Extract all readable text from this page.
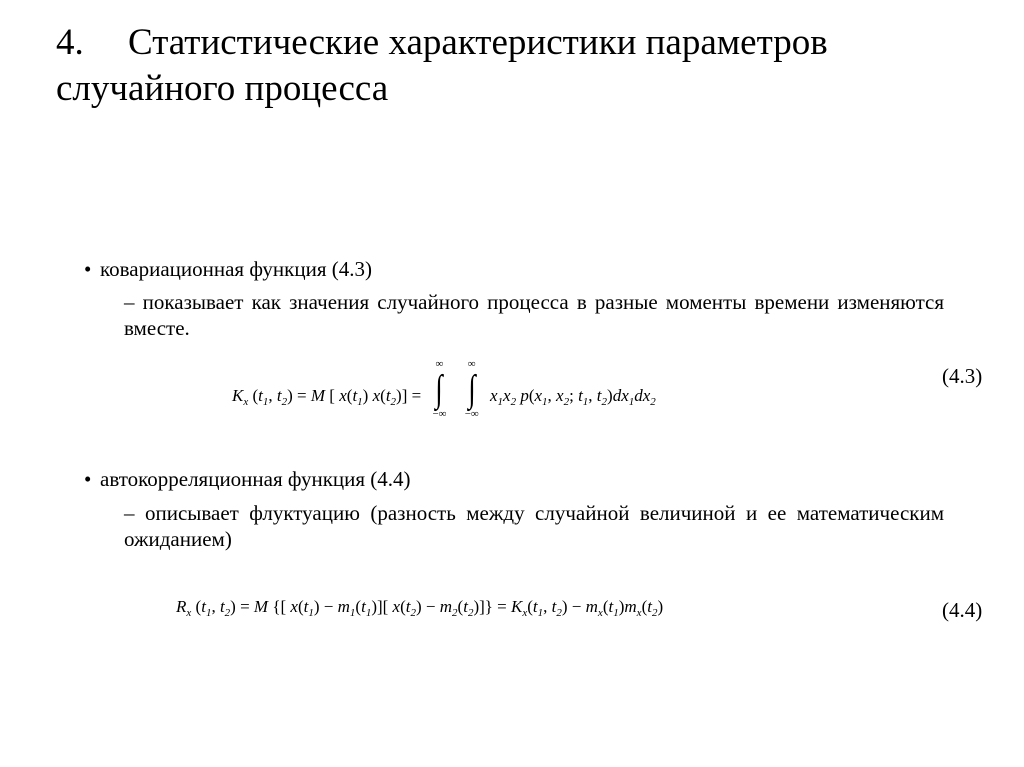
4. Статистические характеристики параметров случайного процесса
• ковариационная функция (4.3)
– показывает как значения случайного процесса в разные моменты времени изменяются вместе.
$K_x$ ($t_1$, $t_2) = M$ [ $x(t_1) x(t_2)$] =
∞
∫
−∞

∞
∫
−∞
$x_1x_2$ $p(x_1$, $x_2$; $t_1$, $t_2)dx_1dx_2$
(4.3)
• автокорреляционная функция (4.4)
– описывает флуктуацию (разность между случайной величиной и ее математическим ожиданием)
$R_x$ ($t_1$, $t_2) = M$ {[ $x(t_1) - m_1(t_1)$][ $x(t_2) - m_2(t_2)]\} = K_x(t_1$, $t_2) - m_x(t_1)m_x(t_2)$	(4.4)
